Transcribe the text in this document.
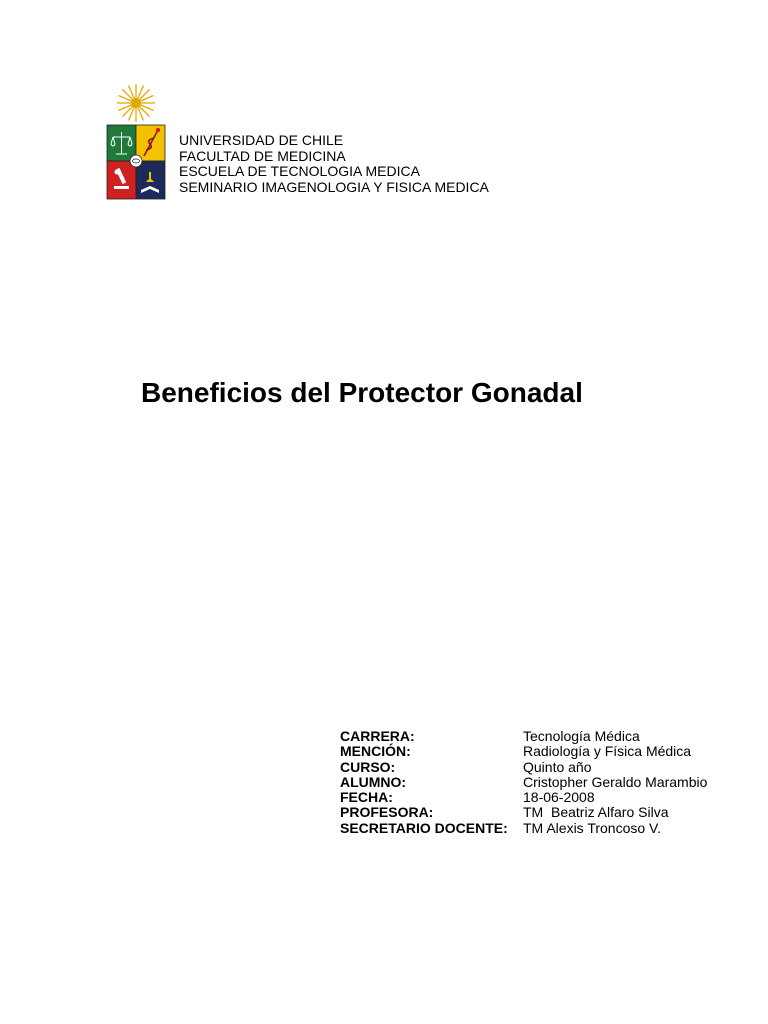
UNIVERSIDAD DE CHILE
FACULTAD DE MEDICINA
ESCUELA DE TECNOLOGIA MEDICA
SEMINARIO IMAGENOLOGIA Y FISICA MEDICA
Beneficios del Protector Gonadal
CARRERA:	Tecnología Médica
MENCIÓN:	Radiología y Física Médica
CURSO:	Quinto año
ALUMNO:	Cristopher Geraldo Marambio
FECHA:	18-06-2008
PROFESORA:	TM  Beatriz Alfaro Silva
SECRETARIO DOCENTE:	TM Alexis Troncoso V.
